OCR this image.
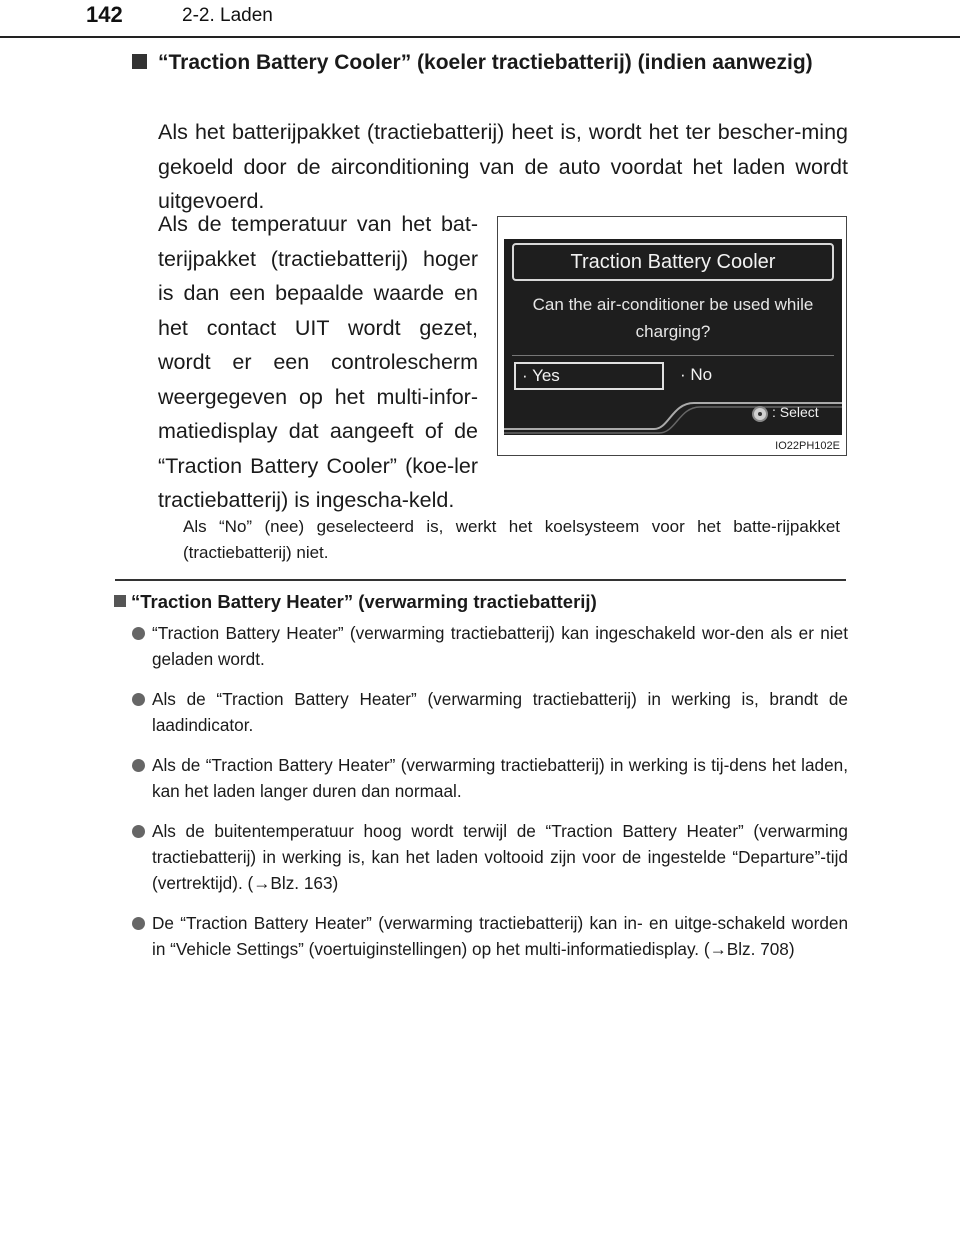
142	2-2. Laden
“Traction Battery Cooler” (koeler tractiebatterij) (indien aanwezig)
Als het batterijpakket (tractiebatterij) heet is, wordt het ter bescher-ming gekoeld door de airconditioning van de auto voordat het laden wordt uitgevoerd.
Als de temperatuur van het bat-terijpakket (tractiebatterij) hoger is dan een bepaalde waarde en het contact UIT wordt gezet, wordt er een controlescherm weergegeven op het multi-infor-matiedisplay dat aangeeft of de “Traction Battery Cooler” (koe-ler tractiebatterij) is ingescha-keld.
Traction Battery Cooler
Can the air-conditioner be used while charging?
· Yes	· No
: Select
IO22PH102E
Als “No” (nee) geselecteerd is, werkt het koelsysteem voor het batte-rijpakket (tractiebatterij) niet.
“Traction Battery Heater” (verwarming tractiebatterij)
“Traction Battery Heater” (verwarming tractiebatterij) kan ingeschakeld wor-den als er niet geladen wordt.
Als de “Traction Battery Heater” (verwarming tractiebatterij) in werking is, brandt de laadindicator.
Als de “Traction Battery Heater” (verwarming tractiebatterij) in werking is tij-dens het laden, kan het laden langer duren dan normaal.
Als de buitentemperatuur hoog wordt terwijl de “Traction Battery Heater” (verwarming tractiebatterij) in werking is, kan het laden voltooid zijn voor de ingestelde “Departure”-tijd (vertrektijd). (→Blz. 163)
De “Traction Battery Heater” (verwarming tractiebatterij) kan in- en uitge-schakeld worden in “Vehicle Settings” (voertuiginstellingen) op het multi-informatiedisplay. (→Blz. 708)
